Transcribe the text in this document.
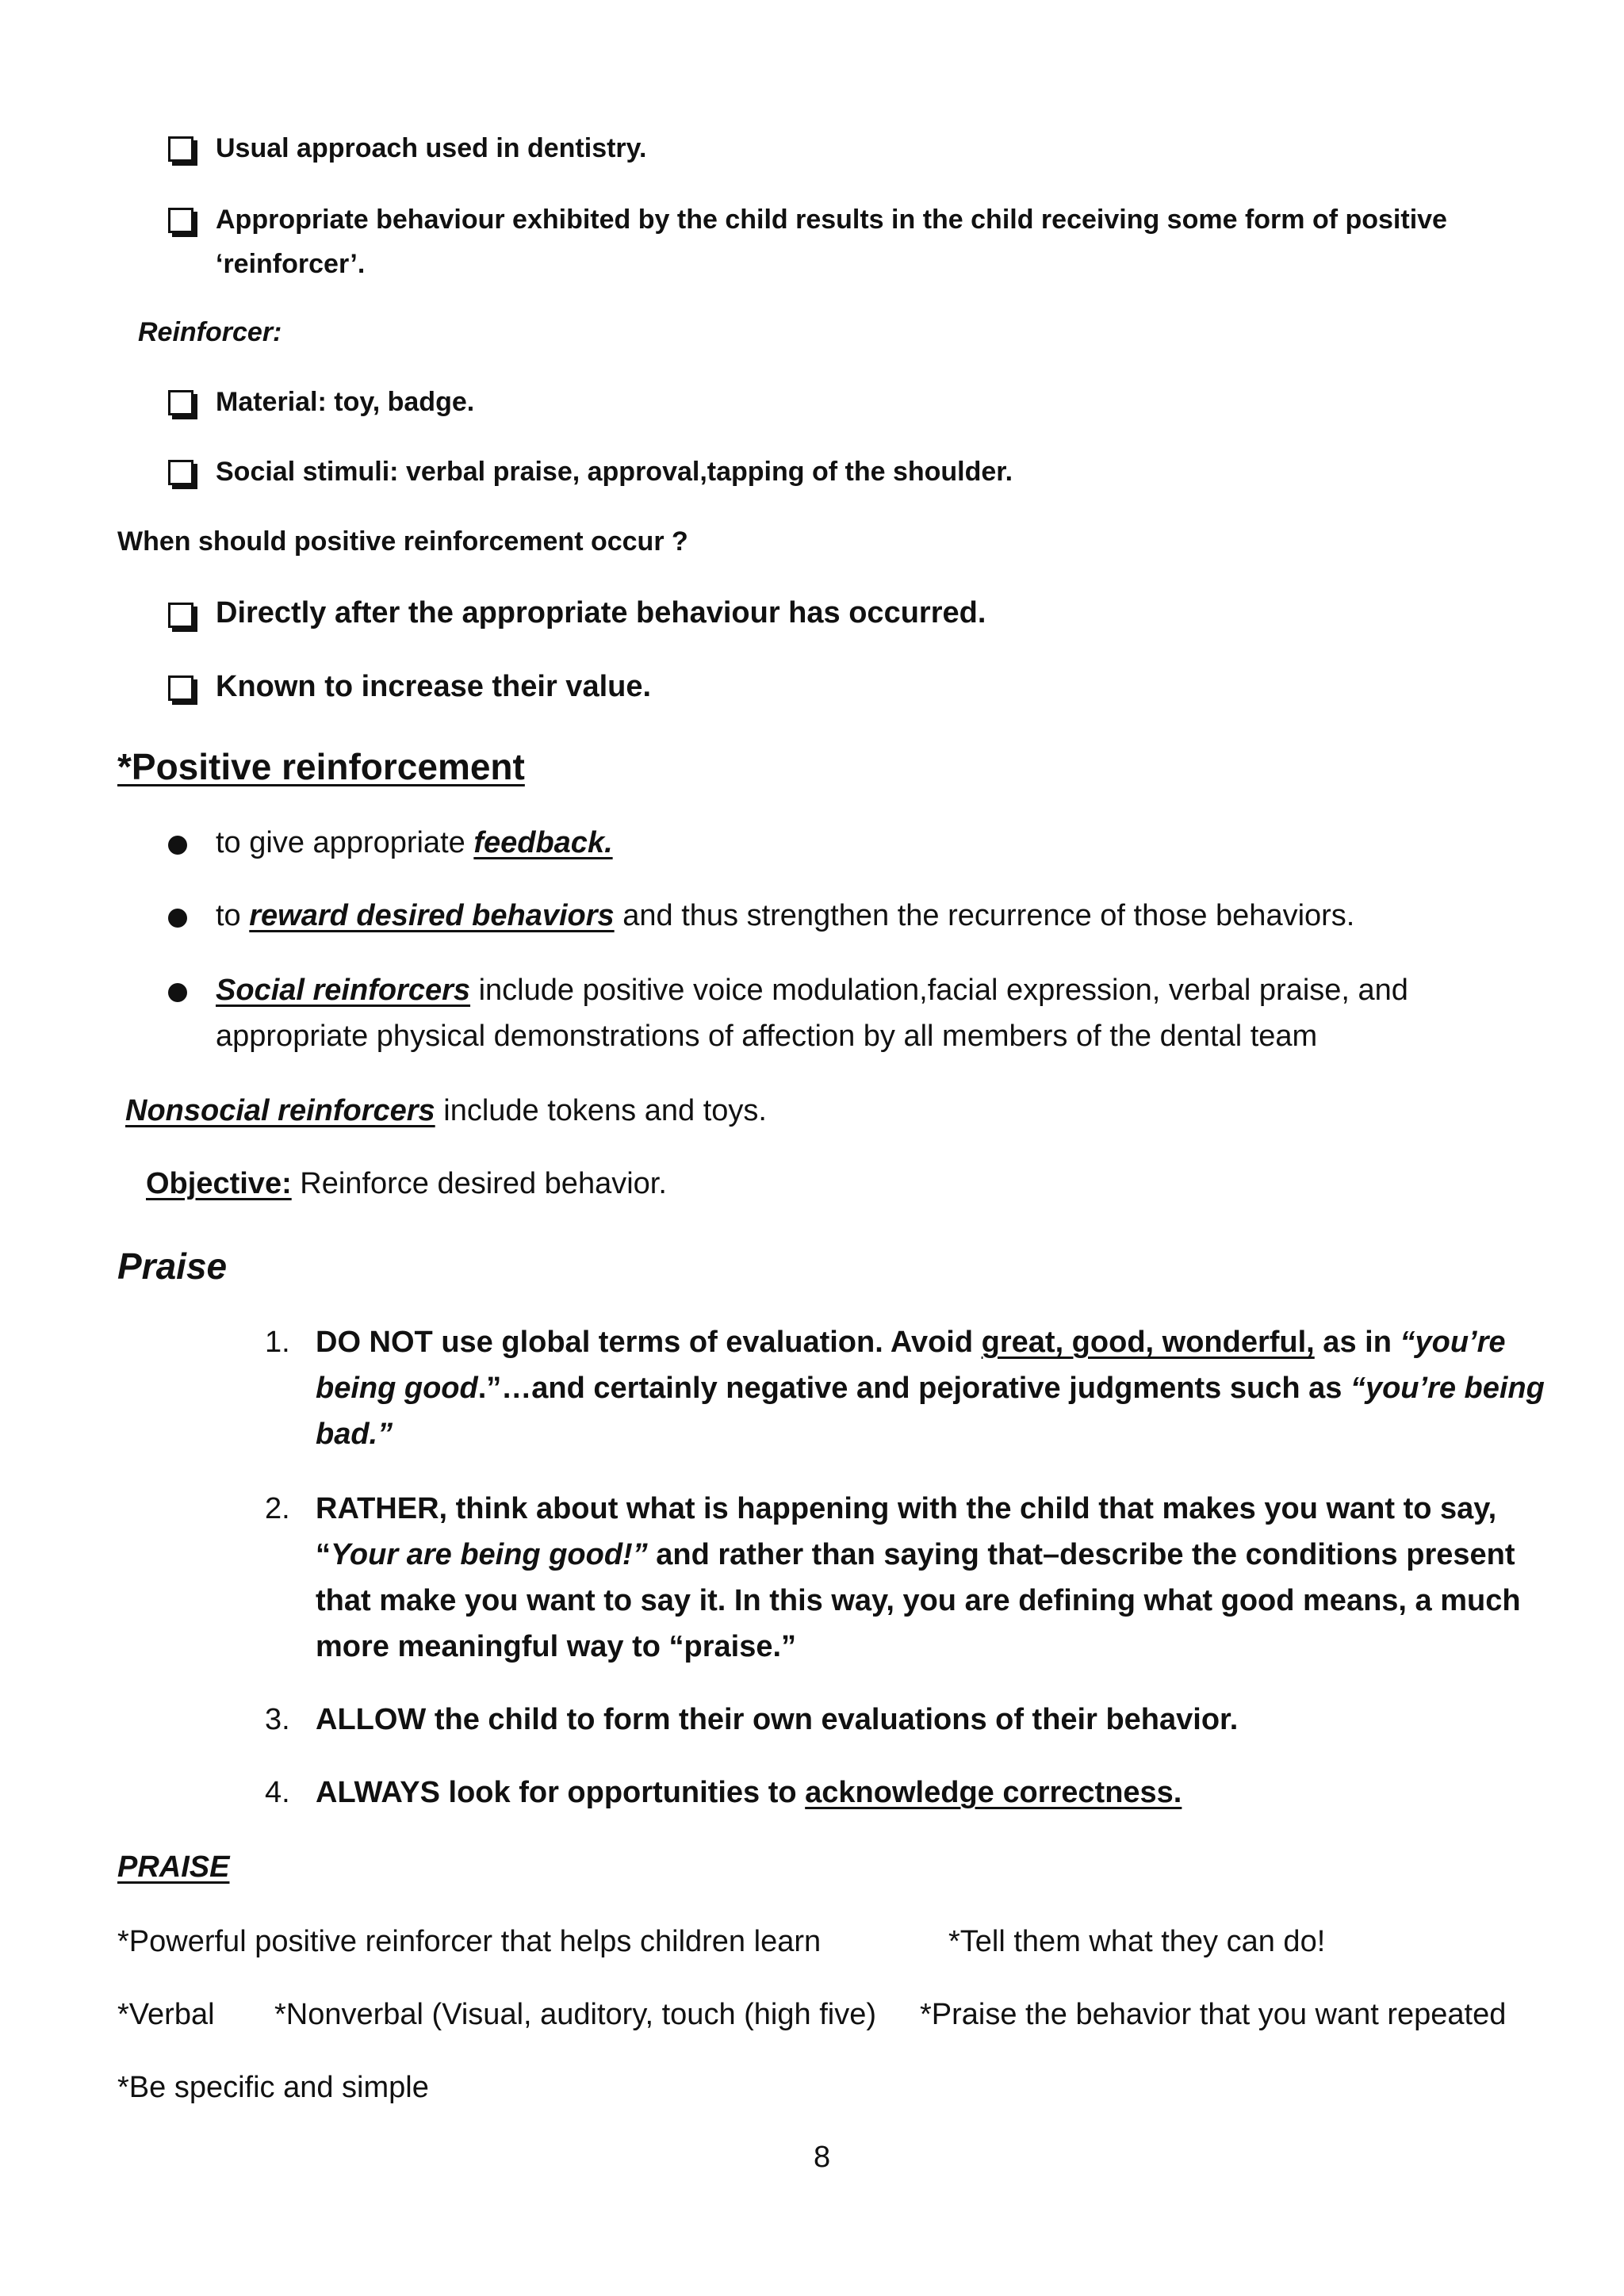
Usual approach used in dentistry.
Appropriate behaviour exhibited by the child results in the child receiving some form of positive
‘reinforcer’.
Reinforcer:
Material: toy, badge.
Social stimuli: verbal praise, approval,tapping of the shoulder.
When should positive reinforcement occur ?
Directly after the appropriate behaviour has occurred.
Known to increase their value.
*Positive reinforcement
to give appropriate feedback.
to reward desired behaviors and thus strengthen the recurrence of those behaviors.
Social reinforcers include positive voice modulation,facial expression, verbal praise, and
appropriate physical demonstrations of affection by all members of the dental team
Nonsocial reinforcers include tokens and toys.
Objective: Reinforce desired behavior.
Praise
1. DO NOT use global terms of evaluation. Avoid great, good, wonderful, as in “you’re
being good.”…and certainly negative and pejorative judgments such as “you’re being
bad.”
2. RATHER, think about what is happening with the child that makes you want to say,
“Your are being good!” and rather than saying that–describe the conditions present
that make you want to say it. In this way, you are defining what good means, a much
more meaningful way to “praise.”
3. ALLOW the child to form their own evaluations of their behavior.
4. ALWAYS look for opportunities to acknowledge correctness.
PRAISE
*Powerful positive reinforcer that helps children learn	*Tell them what they can do!
*Verbal *Nonverbal (Visual, auditory, touch (high five) *Praise the behavior that you want repeated
*Be specific and simple
8
